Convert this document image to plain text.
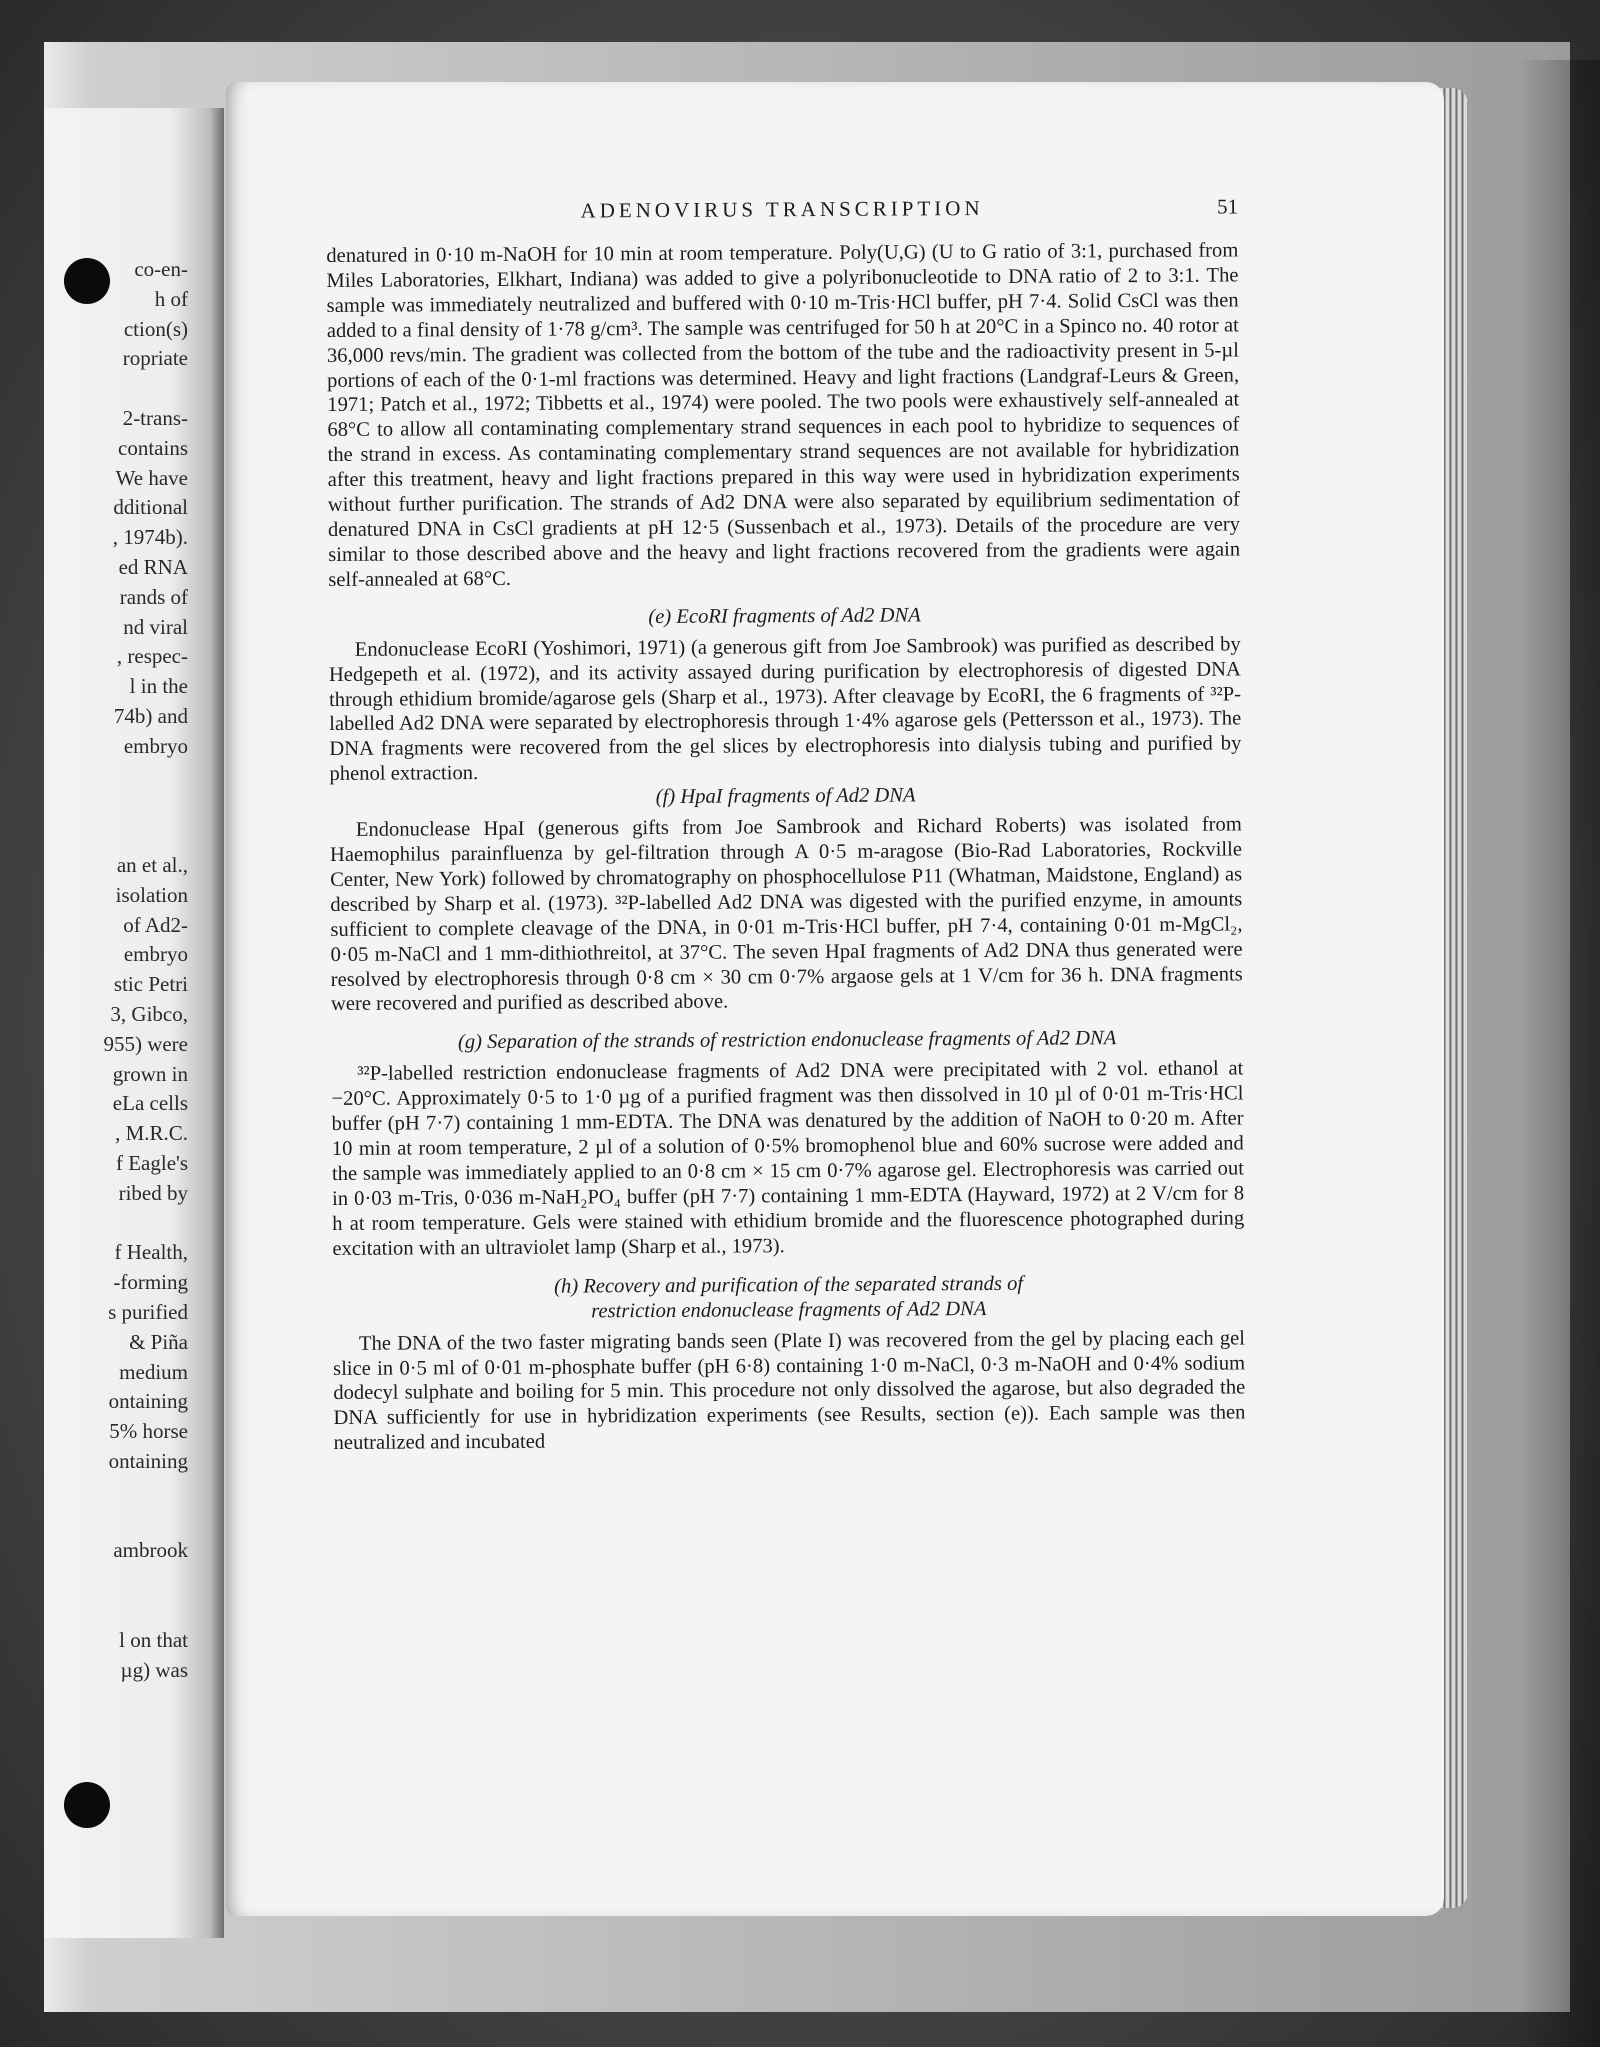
co-en-
h of
ction(s)
ropriate
2-trans-
contains
We have
dditional
, 1974b).
ed RNA
rands of
nd viral
, respec-
l in the
74b) and
embryo
an et al.,
isolation
of Ad2-
embryo
stic Petri
3, Gibco,
955) were
grown in
eLa cells
, M.R.C.
f Eagle's
ribed by
f Health,
-forming
s purified
& Piña
medium
ontaining
5% horse
ontaining
ambrook
l on that
µg) was
ADENOVIRUS TRANSCRIPTION	51

denatured in 0·10 m-NaOH for 10 min at room temperature. Poly(U,G) (U to G ratio of 3:1, purchased from Miles Laboratories, Elkhart, Indiana) was added to give a polyribonucleotide to DNA ratio of 2 to 3:1. The sample was immediately neutralized and buffered with 0·10 m-Tris·HCl buffer, pH 7·4. Solid CsCl was then added to a final density of 1·78 g/cm³. The sample was centrifuged for 50 h at 20°C in a Spinco no. 40 rotor at 36,000 revs/min. The gradient was collected from the bottom of the tube and the radioactivity present in 5-µl portions of each of the 0·1-ml fractions was determined. Heavy and light fractions (Landgraf-Leurs & Green, 1971; Patch et al., 1972; Tibbetts et al., 1974) were pooled. The two pools were exhaustively self-annealed at 68°C to allow all contaminating complementary strand sequences in each pool to hybridize to sequences of the strand in excess. As contaminating complementary strand sequences are not available for hybridization after this treatment, heavy and light fractions prepared in this way were used in hybridization experiments without further purification. The strands of Ad2 DNA were also separated by equilibrium sedimentation of denatured DNA in CsCl gradients at pH 12·5 (Sussenbach et al., 1973). Details of the procedure are very similar to those described above and the heavy and light fractions recovered from the gradients were again self-annealed at 68°C.

(e) EcoRI fragments of Ad2 DNA

Endonuclease EcoRI (Yoshimori, 1971) (a generous gift from Joe Sambrook) was purified as described by Hedgepeth et al. (1972), and its activity assayed during purification by electrophoresis of digested DNA through ethidium bromide/agarose gels (Sharp et al., 1973). After cleavage by EcoRI, the 6 fragments of ³²P-labelled Ad2 DNA were separated by electrophoresis through 1·4% agarose gels (Pettersson et al., 1973). The DNA fragments were recovered from the gel slices by electrophoresis into dialysis tubing and purified by phenol extraction.

(f) HpaI fragments of Ad2 DNA

Endonuclease HpaI (generous gifts from Joe Sambrook and Richard Roberts) was isolated from Haemophilus parainfluenza by gel-filtration through A 0·5 m-aragose (Bio-Rad Laboratories, Rockville Center, New York) followed by chromatography on phosphocellulose P11 (Whatman, Maidstone, England) as described by Sharp et al. (1973). ³²P-labelled Ad2 DNA was digested with the purified enzyme, in amounts sufficient to complete cleavage of the DNA, in 0·01 m-Tris·HCl buffer, pH 7·4, containing 0·01 m-MgCl₂, 0·05 m-NaCl and 1 mm-dithiothreitol, at 37°C. The seven HpaI fragments of Ad2 DNA thus generated were resolved by electrophoresis through 0·8 cm × 30 cm 0·7% argaose gels at 1 V/cm for 36 h. DNA fragments were recovered and purified as described above.

(g) Separation of the strands of restriction endonuclease fragments of Ad2 DNA

³²P-labelled restriction endonuclease fragments of Ad2 DNA were precipitated with 2 vol. ethanol at −20°C. Approximately 0·5 to 1·0 µg of a purified fragment was then dissolved in 10 µl of 0·01 m-Tris·HCl buffer (pH 7·7) containing 1 mm-EDTA. The DNA was denatured by the addition of NaOH to 0·20 m. After 10 min at room temperature, 2 µl of a solution of 0·5% bromophenol blue and 60% sucrose were added and the sample was immediately applied to an 0·8 cm × 15 cm 0·7% agarose gel. Electrophoresis was carried out in 0·03 m-Tris, 0·036 m-NaH₂PO₄ buffer (pH 7·7) containing 1 mm-EDTA (Hayward, 1972) at 2 V/cm for 8 h at room temperature. Gels were stained with ethidium bromide and the fluorescence photographed during excitation with an ultraviolet lamp (Sharp et al., 1973).

(h) Recovery and purification of the separated strands of
restriction endonuclease fragments of Ad2 DNA

The DNA of the two faster migrating bands seen (Plate I) was recovered from the gel by placing each gel slice in 0·5 ml of 0·01 m-phosphate buffer (pH 6·8) containing 1·0 m-NaCl, 0·3 m-NaOH and 0·4% sodium dodecyl sulphate and boiling for 5 min. This procedure not only dissolved the agarose, but also degraded the DNA sufficiently for use in hybridization experiments (see Results, section (e)). Each sample was then neutralized and incubated
